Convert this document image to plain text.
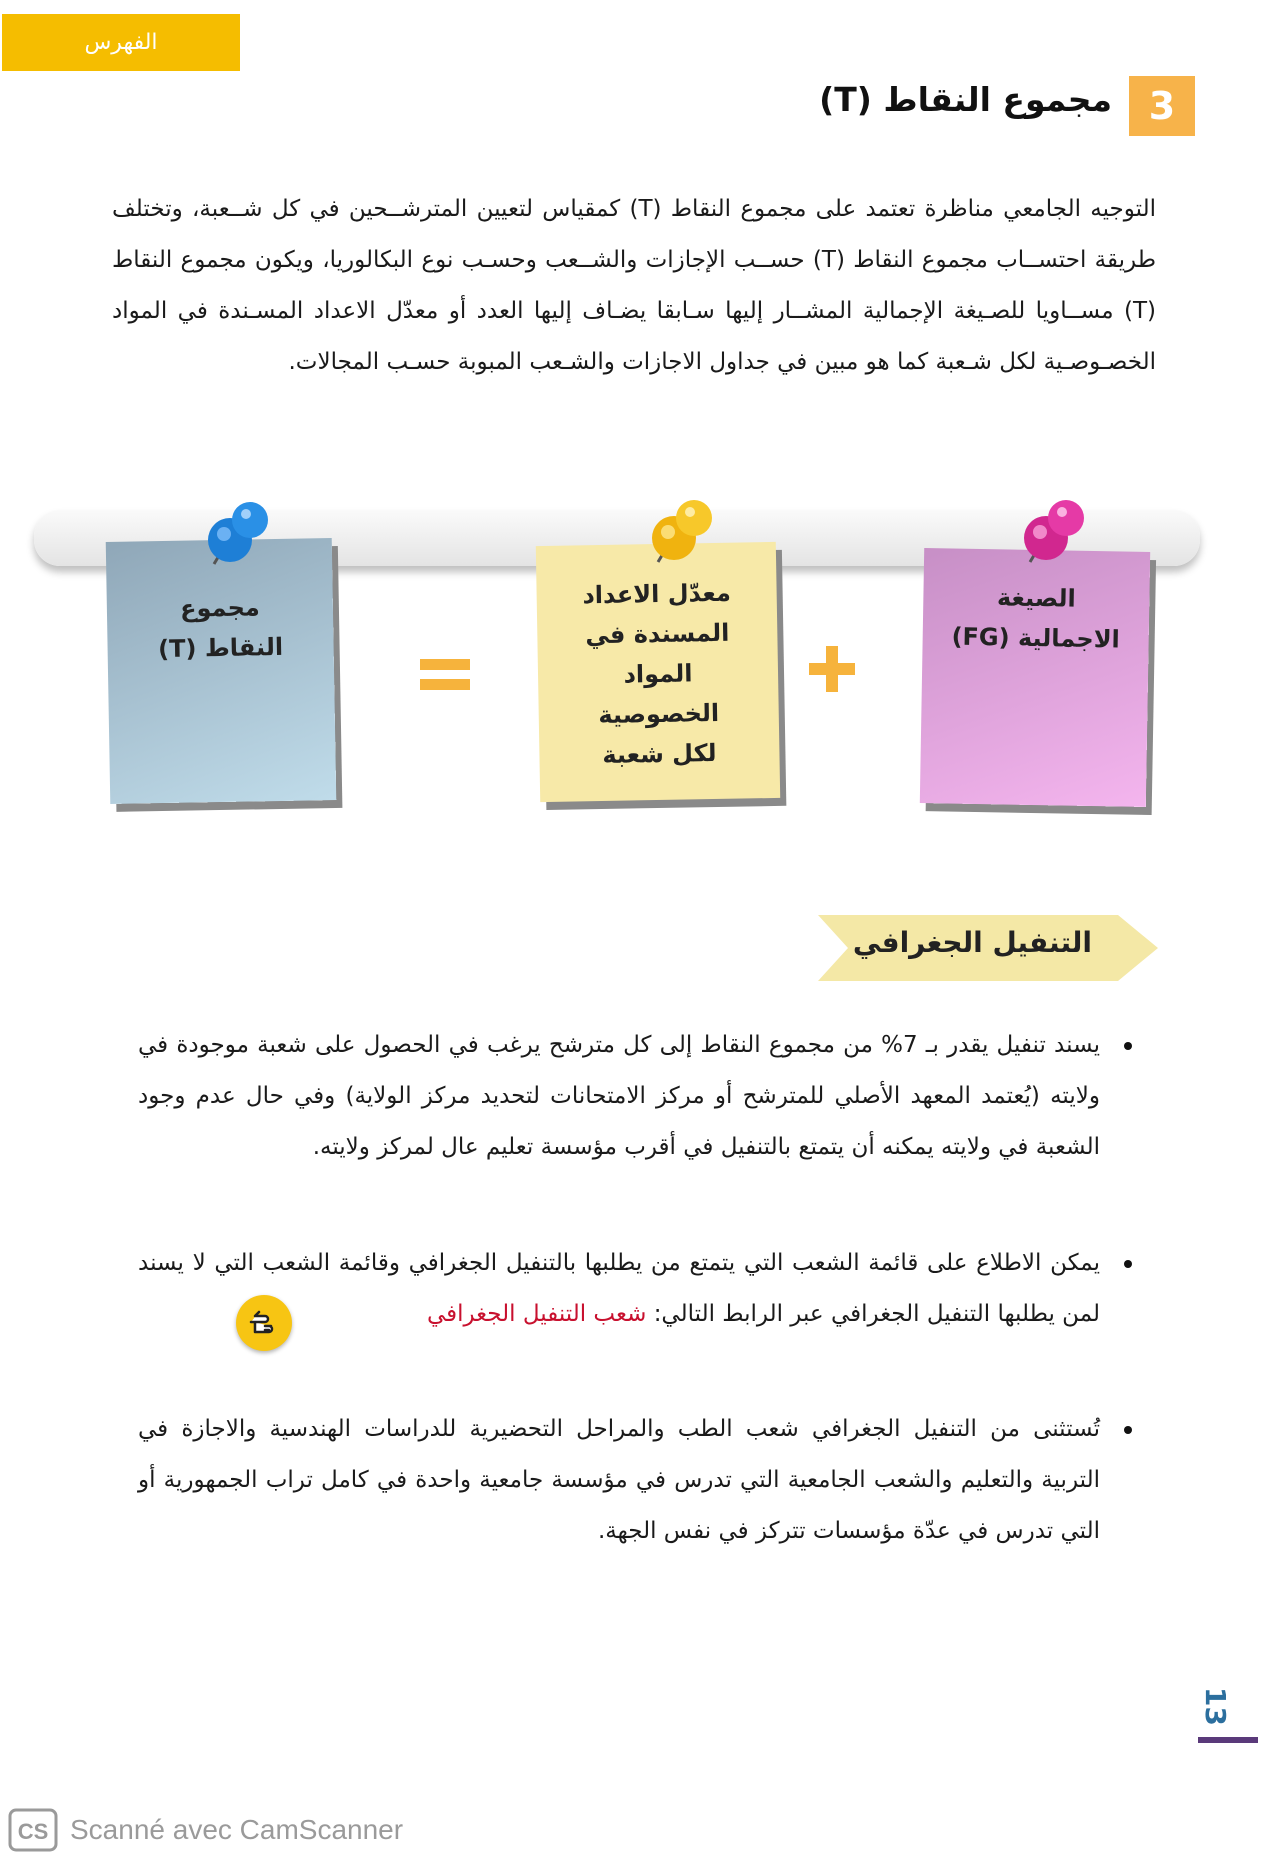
الفهرس
3
مجموع النقاط (T)
التوجيه الجامعي مناظرة تعتمد على مجموع النقاط (T) كمقياس لتعيين المترشــحين في كل شــعبة، وتختلف طريقة احتســاب مجموع النقاط (T) حســب الإجازات والشــعب وحسـب نوع البكالوريا، ويكون مجموع النقاط (T) مســاويا للصـيغة الإجمالية المشــار إليها سـابقا يضـاف إليها العدد أو معدّل الاعداد المسـندة في المواد الخصـوصـية لكل شـعبة كما هو مبين في جداول الاجازات والشـعب المبوبة حسـب المجالات.
مجموع
النقاط (T)
معدّل الاعداد
المسندة في
المواد
الخصوصية
لكل شعبة
الصيغة
الاجمالية (FG)
التنفيل الجغرافي
يسند تنفيل يقدر بـ 7% من مجموع النقاط إلى كل مترشح يرغب في الحصول على شعبة موجودة في ولايته (يُعتمد المعهد الأصلي للمترشح أو مركز الامتحانات لتحديد مركز الولاية) وفي حال عدم وجود الشعبة في ولايته يمكنه أن يتمتع بالتنفيل في أقرب مؤسسة تعليم عال لمركز ولايته.
يمكن الاطلاع على قائمة الشعب التي يتمتع من يطلبها بالتنفيل الجغرافي وقائمة الشعب التي لا يسند لمن يطلبها التنفيل الجغرافي عبر الرابط التالي: شعب التنفيل الجغرافي
تُستثنى من التنفيل الجغرافي شعب الطب والمراحل التحضيرية للدراسات الهندسية والاجازة في التربية والتعليم والشعب الجامعية التي تدرس في مؤسسة جامعية واحدة في كامل تراب الجمهورية أو التي تدرس في عدّة مؤسسات تتركز في نفس الجهة.
13
CS Scanné avec CamScanner
